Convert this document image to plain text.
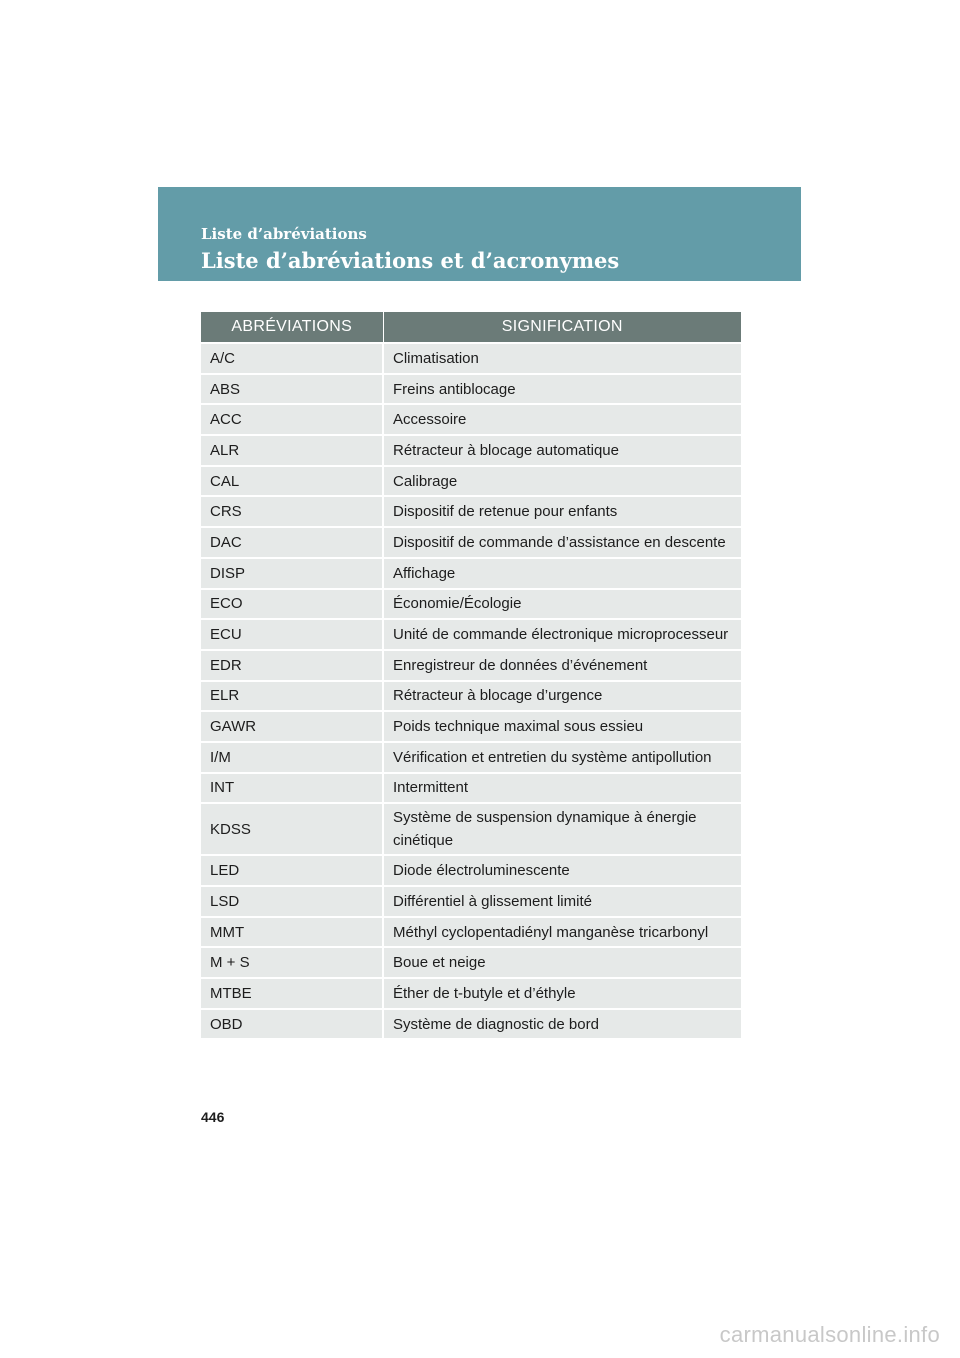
Liste d’abréviations
Liste d’abréviations et d’acronymes
ABRÉVIATIONS	SIGNIFICATION
A/C	Climatisation
ABS	Freins antiblocage
ACC	Accessoire
ALR	Rétracteur à blocage automatique
CAL	Calibrage
CRS	Dispositif de retenue pour enfants
DAC	Dispositif de commande d’assistance en descente
DISP	Affichage
ECO	Économie/Écologie
ECU	Unité de commande électronique microprocesseur
EDR	Enregistreur de données d’événement
ELR	Rétracteur à blocage d’urgence
GAWR	Poids technique maximal sous essieu
I/M	Vérification et entretien du système antipollution
INT	Intermittent
KDSS	Système de suspension dynamique à énergie cinétique
LED	Diode électroluminescente
LSD	Différentiel à glissement limité
MMT	Méthyl cyclopentadiényl manganèse tricarbonyl
M + S	Boue et neige
MTBE	Éther de t-butyle et d’éthyle
OBD	Système de diagnostic de bord
446
carmanualsonline.info
